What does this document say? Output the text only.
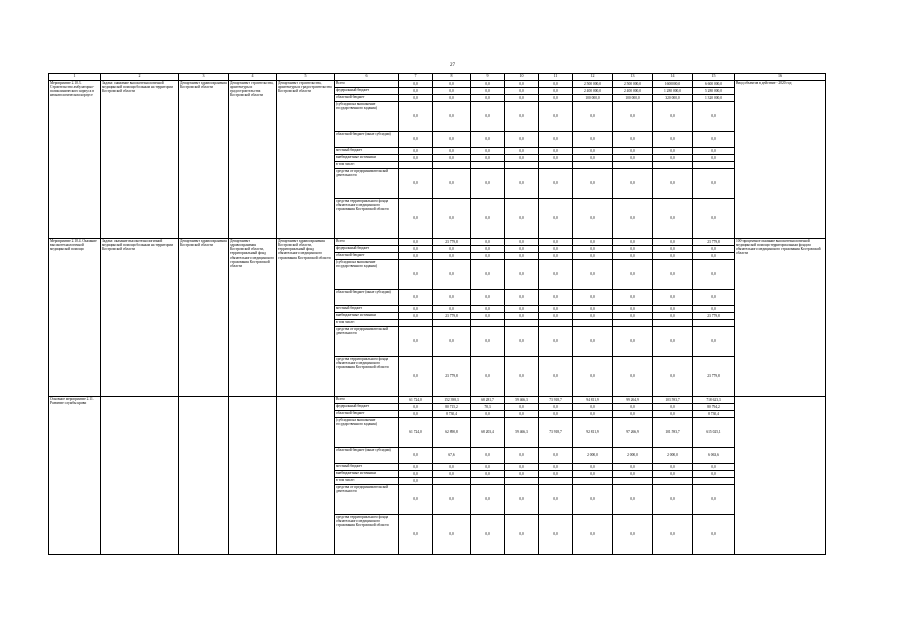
27
1	2	3	4	5	6	7	8	9	10	11	12	13	14	15	16
Мероприятие 2.10.3. Строительство амбулаторно-поликлинического корпуса в неонатологическом корпусе	Задача: снижение высокотехнологичной медицинской помощи больным на территории Костромской области	Департамент здравоохранения Костромской области	Департамент строительства, архитектуры и градостроительства Костромской области	Департамент строительства, архитектуры и градостроительства Костромской области	Всего	0,0	0,0	0,0	0,0	0,0	2 500 000,0	2 500 000,0	1600000,0	6 600 000,0	Ввод объектов в действие - 2020 год
					федеральный бюджет	0,0	0,0	0,0	0,0	0,0	2 400 000,0	2 400 000,0	1 280 000,0	5 280 000,0	
					областной бюджет	0,0	0,0	0,0	0,0	0,0	100 000,0	100 000,0	320 000,0	1 320 000,0	
					(субсидии на выполнение государственного задания)	0,0	0,0	0,0	0,0	0,0	0,0	0,0	0,0	0,0	
					областной бюджет (иные субсидии)	0,0	0,0	0,0	0,0	0,0	0,0	0,0	0,0	0,0	
					местный бюджет	0,0	0,0	0,0	0,0	0,0	0,0	0,0	0,0	0,0	
					внебюджетные источники	0,0	0,0	0,0	0,0	0,0	0,0	0,0	0,0	0,0	
					в том числе:										
					средства от предпринимательской деятельности	0,0	0,0	0,0	0,0	0,0	0,0	0,0	0,0	0,0	
					средства территориального фонда обязательного медицинского страхования Костромской области	0,0	0,0	0,0	0,0	0,0	0,0	0,0	0,0	0,0	
Мероприятие 2.10.4. Оказание высокотехнологичной медицинской помощи	Задача: оказание высокотехнологичной медицинской помощи больным на территории Костромской области	Департамент здравоохранения Костромской области	Департамент здравоохранения Костромской области, территориальный фонд обязательного медицинского страхования Костромской области	Департамент здравоохранения Костромской области, территориальный фонд обязательного медицинского страхования Костромской области	Всего	0,0	23 779,8	0,0	0,0	0,0	0,0	0,0	0,0	23 779,8	100-процентное оказание высокотехнологичной медицинской помощи территориальным фондом обязательного медицинского страхования Костромской области
					федеральный бюджет	0,0	0,0	0,0	0,0	0,0	0,0	0,0	0,0	0,0	
					областной бюджет	0,0	0,0	0,0	0,0	0,0	0,0	0,0	0,0	0,0	
					(субсидии на выполнение государственного задания)	0,0	0,0	0,0	0,0	0,0	0,0	0,0	0,0	0,0	
					областной бюджет (иные субсидии)	0,0	0,0	0,0	0,0	0,0	0,0	0,0	0,0	0,0	
					местный бюджет	0,0	0,0	0,0	0,0	0,0	0,0	0,0	0,0	0,0	
					внебюджетные источники	0,0	23 779,8	0,0	0,0	0,0	0,0	0,0	0,0	23 779,8	
					в том числе:										
					средства от предпринимательской деятельности	0,0	0,0	0,0	0,0	0,0	0,0	0,0	0,0	0,0	
					средства территориального фонда обязательного медицинского страхования Костромской области	0,0	23 779,8	0,0	0,0	0,0	0,0	0,0	0,0	23 779,8	
Основное мероприятие 2.11. Развитие службы крови					Всего	61 724,0	152 398,3	68 281,7	59 466,3	73 918,7	94 811,9	99 264,9	103 593,7	718 623,3	
					федеральный бюджет	0,0	80 715,2	78,3	0,0	0,0	0,0	0,0	0,0	80 794,2	
					областной бюджет	0,0	8 730,4	0,0	0,0	0,0	0,0	0,0	0,0	8 730,4	
					(субсидии на выполнение государственного задания)	61 724,0	62 890,8	68 203,4	59 466,3	73 918,7	92 811,9	97 266,9	101 593,7	615 025,1	
					областной бюджет (иные субсидии)	0,0	67,6	0,0	0,0	0,0	2 000,0	2 000,0	2 000,0	6 063,6	
					местный бюджет	0,0	0,0	0,0	0,0	0,0	0,0	0,0	0,0	0,0	
					внебюджетные источники	0,0	0,0	0,0	0,0	0,0	0,0	0,0	0,0	0,0	
					в том числе:	0,0									
					средства от предпринимательской деятельности	0,0	0,0	0,0	0,0	0,0	0,0	0,0	0,0	0,0	
					средства территориального фонда обязательного медицинского страхования Костромской области	0,0	0,0	0,0	0,0	0,0	0,0	0,0	0,0	0,0	
